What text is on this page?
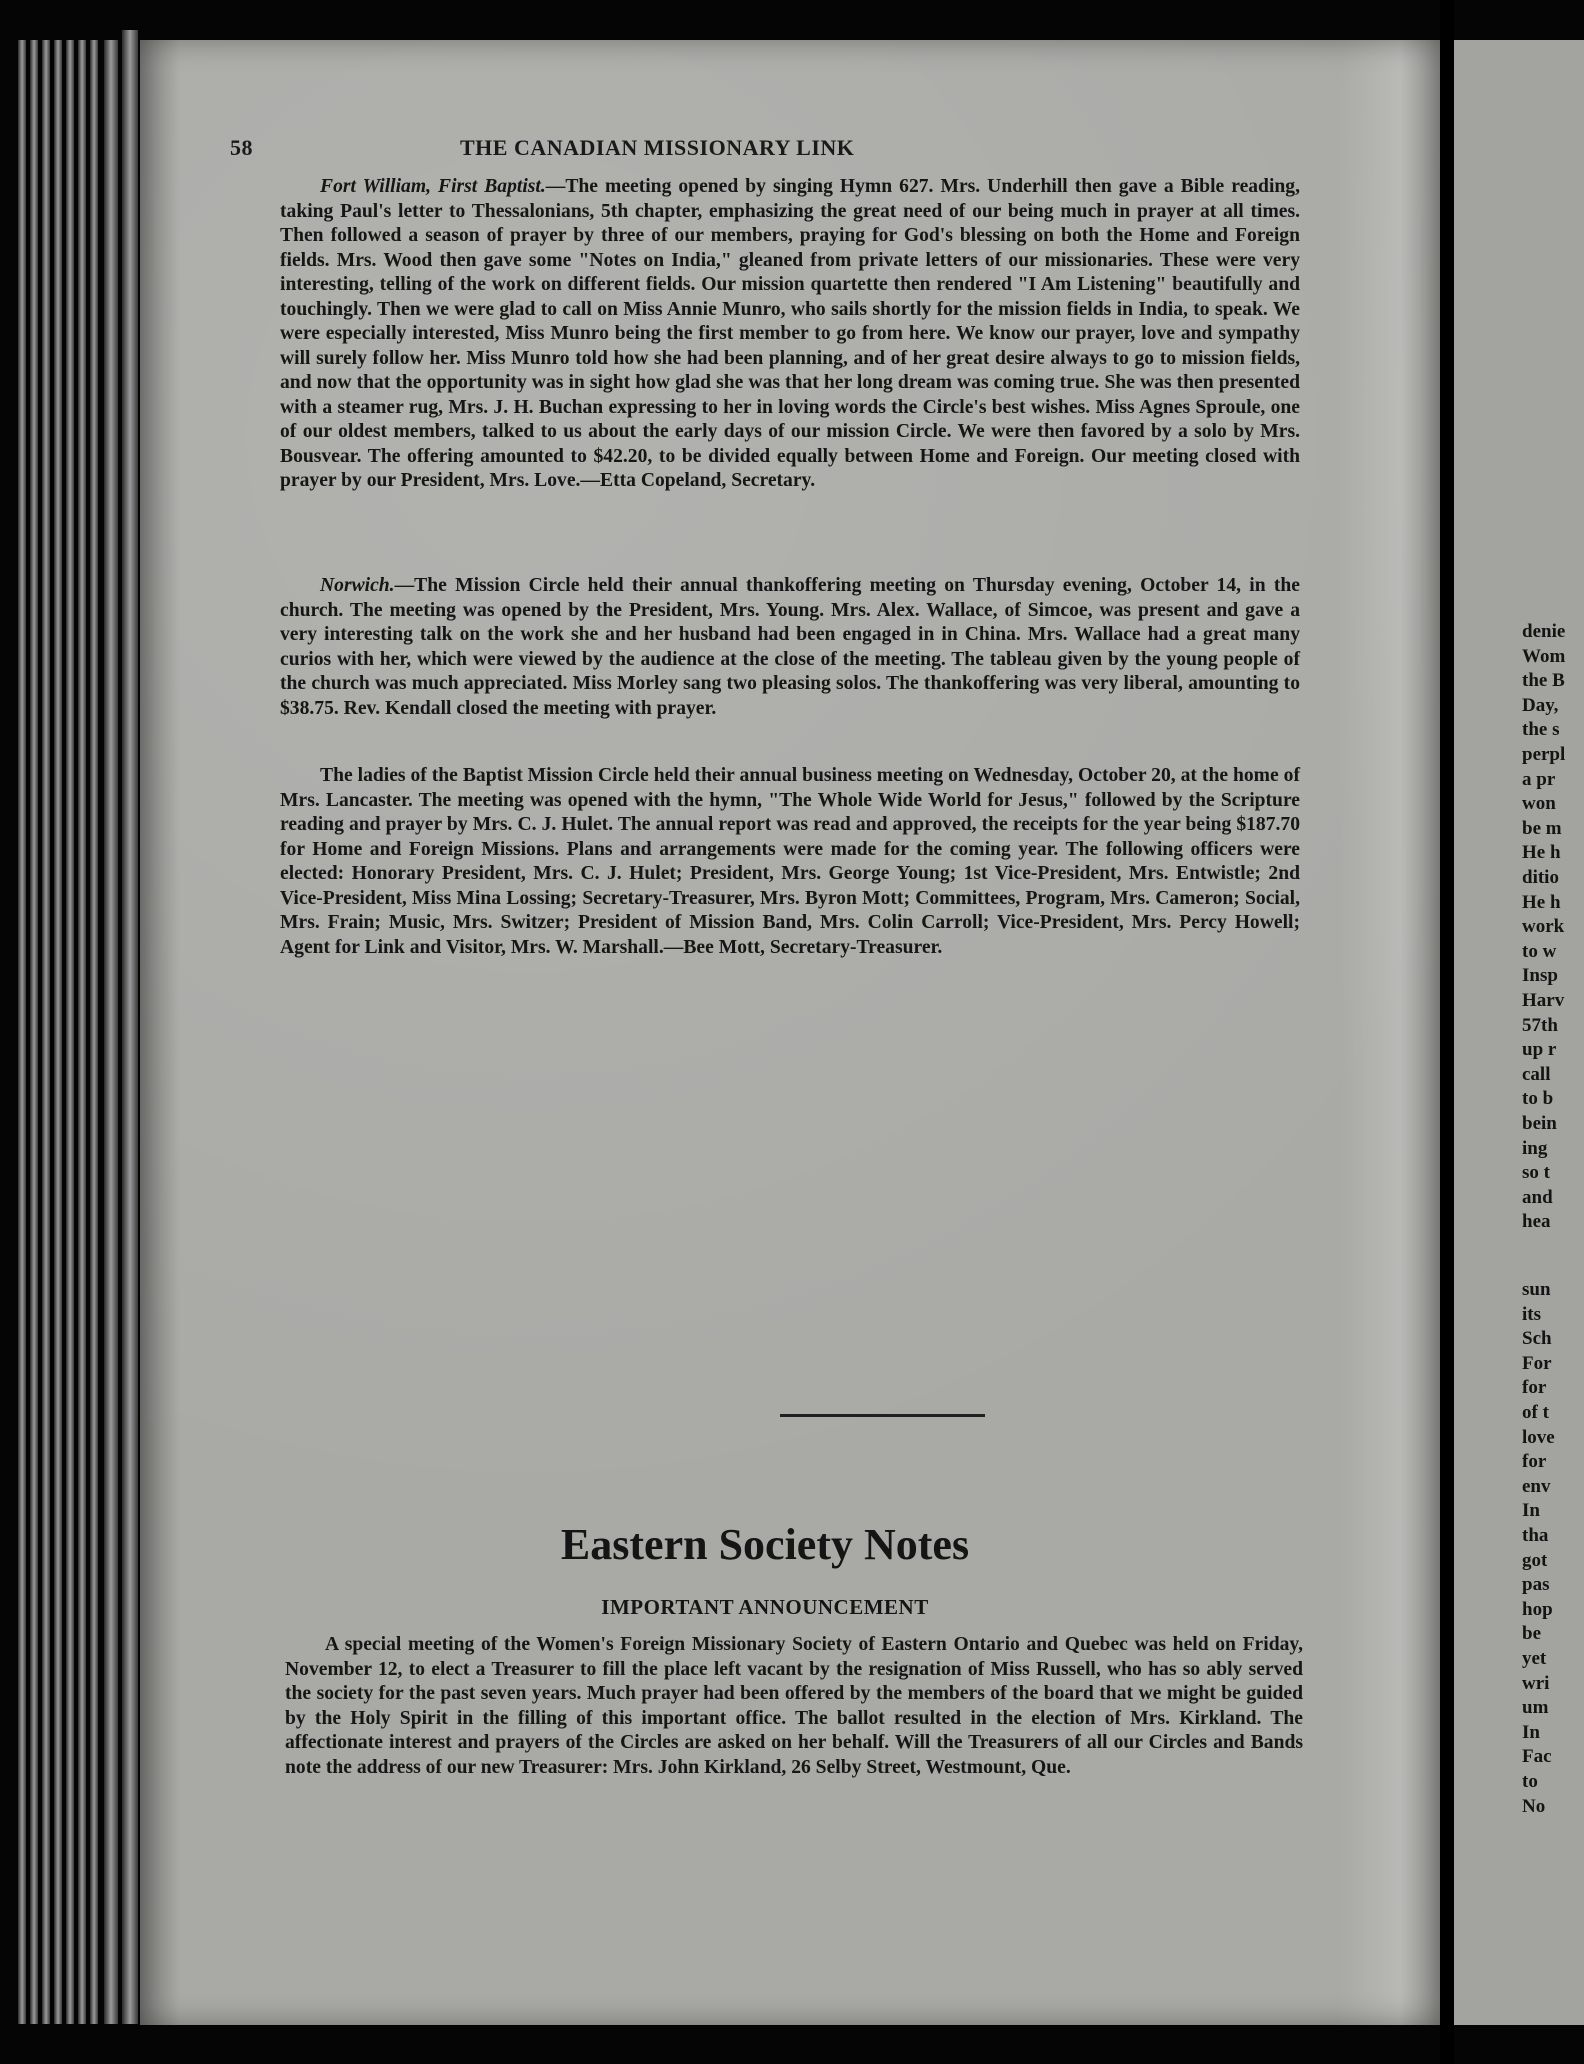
58	THE CANADIAN MISSIONARY LINK

Fort William, First Baptist.—The meeting opened by singing Hymn 627. Mrs. Underhill then gave a Bible reading, taking Paul's letter to Thessalonians, 5th chapter, emphasizing the great need of our being much in prayer at all times. Then followed a season of prayer by three of our members, praying for God's blessing on both the Home and Foreign fields. Mrs. Wood then gave some "Notes on India," gleaned from private letters of our missionaries. These were very interesting, telling of the work on different fields. Our mission quartette then rendered "I Am Listening" beautifully and touchingly. Then we were glad to call on Miss Annie Munro, who sails shortly for the mission fields in India, to speak. We were especially interested, Miss Munro being the first member to go from here. We know our prayer, love and sympathy will surely follow her. Miss Munro told how she had been planning, and of her great desire always to go to mission fields, and now that the opportunity was in sight how glad she was that her long dream was coming true. She was then presented with a steamer rug, Mrs. J. H. Buchan expressing to her in loving words the Circle's best wishes. Miss Agnes Sproule, one of our oldest members, talked to us about the early days of our mission Circle. We were then favored by a solo by Mrs. Bousvear. The offering amounted to $42.20, to be divided equally between Home and Foreign. Our meeting closed with prayer by our President, Mrs. Love.—Etta Copeland, Secretary.

Norwich.—The Mission Circle held their annual thankoffering meeting on Thursday evening, October 14, in the church. The meeting was opened by the President, Mrs. Young. Mrs. Alex. Wallace, of Simcoe, was present and gave a very interesting talk on the work she and her husband had been engaged in in China. Mrs. Wallace had a great many curios with her, which were viewed by the audience at the close of the meeting. The tableau given by the young people of the church was much appreciated. Miss Morley sang two pleasing solos. The thankoffering was very liberal, amounting to $38.75. Rev. Kendall closed the meeting with prayer.

The ladies of the Baptist Mission Circle held their annual business meeting on Wednesday, October 20, at the home of Mrs. Lancaster. The meeting was opened with the hymn, "The Whole Wide World for Jesus," followed by the Scripture reading and prayer by Mrs. C. J. Hulet. The annual report was read and approved, the receipts for the year being $187.70 for Home and Foreign Missions. Plans and arrangements were made for the coming year. The following officers were elected: Honorary President, Mrs. C. J. Hulet; President, Mrs. George Young; 1st Vice-President, Mrs. Entwistle; 2nd Vice-President, Miss Mina Lossing; Secretary-Treasurer, Mrs. Byron Mott; Committees, Program, Mrs. Cameron; Social, Mrs. Frain; Music, Mrs. Switzer; President of Mission Band, Mrs. Colin Carroll; Vice-President, Mrs. Percy Howell; Agent for Link and Visitor, Mrs. W. Marshall.—Bee Mott, Secretary-Treasurer.

Eastern Society Notes
IMPORTANT ANNOUNCEMENT

A special meeting of the Women's Foreign Missionary Society of Eastern Ontario and Quebec was held on Friday, November 12, to elect a Treasurer to fill the place left vacant by the resignation of Miss Russell, who has so ably served the society for the past seven years. Much prayer had been offered by the members of the board that we might be guided by the Holy Spirit in the filling of this important office. The ballot resulted in the election of Mrs. Kirkland. The affectionate interest and prayers of the Circles are asked on her behalf. Will the Treasurers of all our Circles and Bands note the address of our new Treasurer: Mrs. John Kirkland, 26 Selby Street, Westmount, Que.

denie
Wom
the B
Day,
the s
perpl
a pr
won
be m
He h
ditio
He h
work
to w
Insp
Harv
57th
up r
call
to b
bein
ing
so t
and
hea
sun
its
Sch
For
for
of t
love
for
env
In
tha
got
pas
hop
be
yet
wri
um
In
Fac
to
No
